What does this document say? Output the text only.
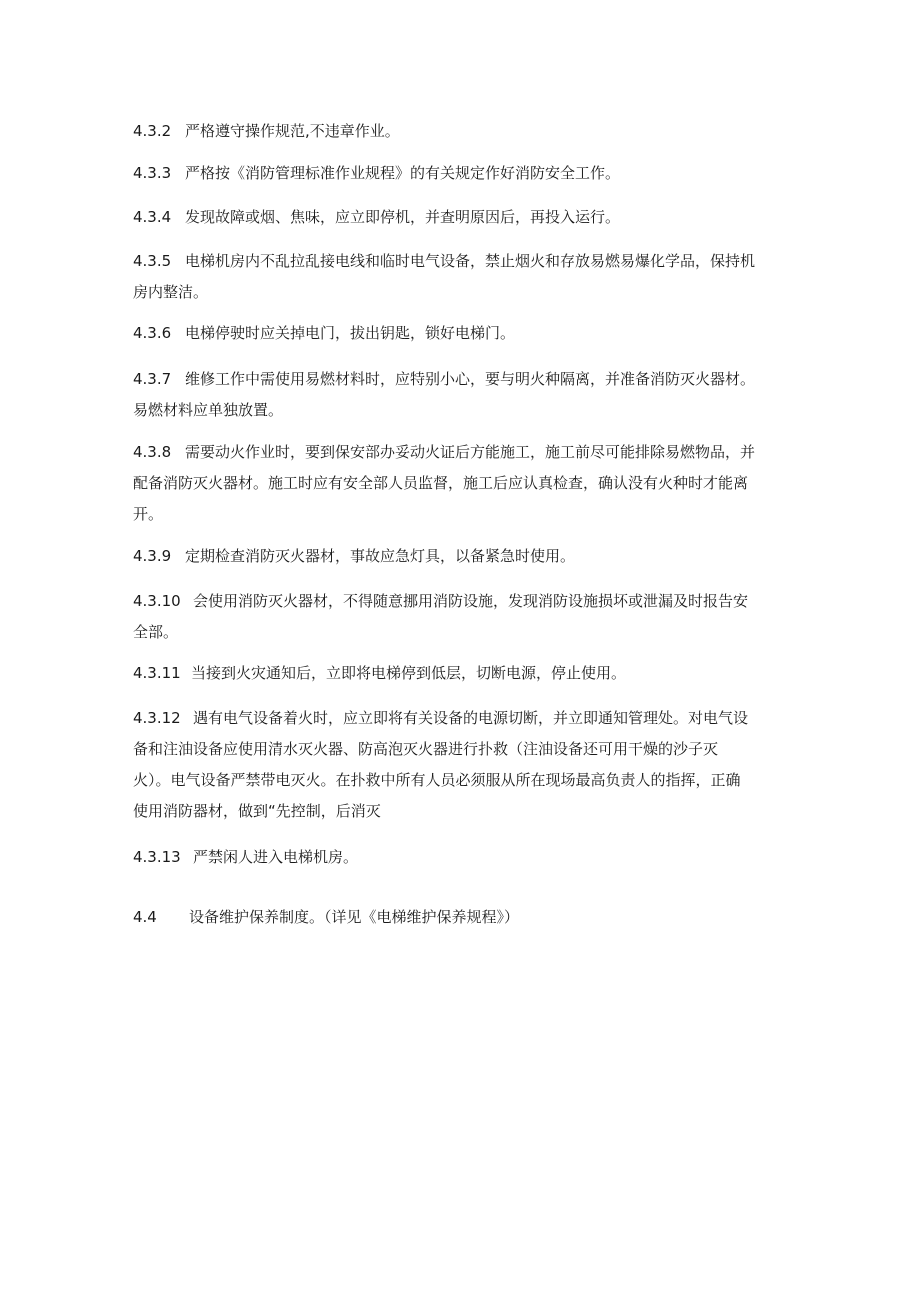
4.3.2 严格遵守操作规范,不违章作业。

4.3.3 严格按《消防管理标准作业规程》的有关规定作好消防安全工作。

4.3.4 发现故障或烟、焦味，应立即停机，并查明原因后，再投入运行。

4.3.5 电梯机房内不乱拉乱接电线和临时电气设备，禁止烟火和存放易燃易爆化学品，保持机
房内整洁。

4.3.6 电梯停驶时应关掉电门，拔出钥匙，锁好电梯门。

4.3.7 维修工作中需使用易燃材料时，应特别小心，要与明火种隔离，并准备消防灭火器材。
易燃材料应单独放置。

4.3.8 需要动火作业时，要到保安部办妥动火证后方能施工，施工前尽可能排除易燃物品，并
配备消防灭火器材。施工时应有安全部人员监督，施工后应认真检查，确认没有火种时才能离
开。

4.3.9 定期检查消防灭火器材，事故应急灯具，以备紧急时使用。

4.3.10 会使用消防灭火器材，不得随意挪用消防设施，发现消防设施损坏或泄漏及时报告安
全部。

4.3.11 当接到火灾通知后，立即将电梯停到低层，切断电源，停止使用。

4.3.12 遇有电气设备着火时，应立即将有关设备的电源切断，并立即通知管理处。对电气设
备和注油设备应使用清水灭火器、防高泡灭火器进行扑救（注油设备还可用干燥的沙子灭
火）。电气设备严禁带电灭火。在扑救中所有人员必须服从所在现场最高负责人的指挥，正确
使用消防器材，做到“先控制，后消灭

4.3.13 严禁闲人进入电梯机房。

4.4 设备维护保养制度。（详见《电梯维护保养规程》）
